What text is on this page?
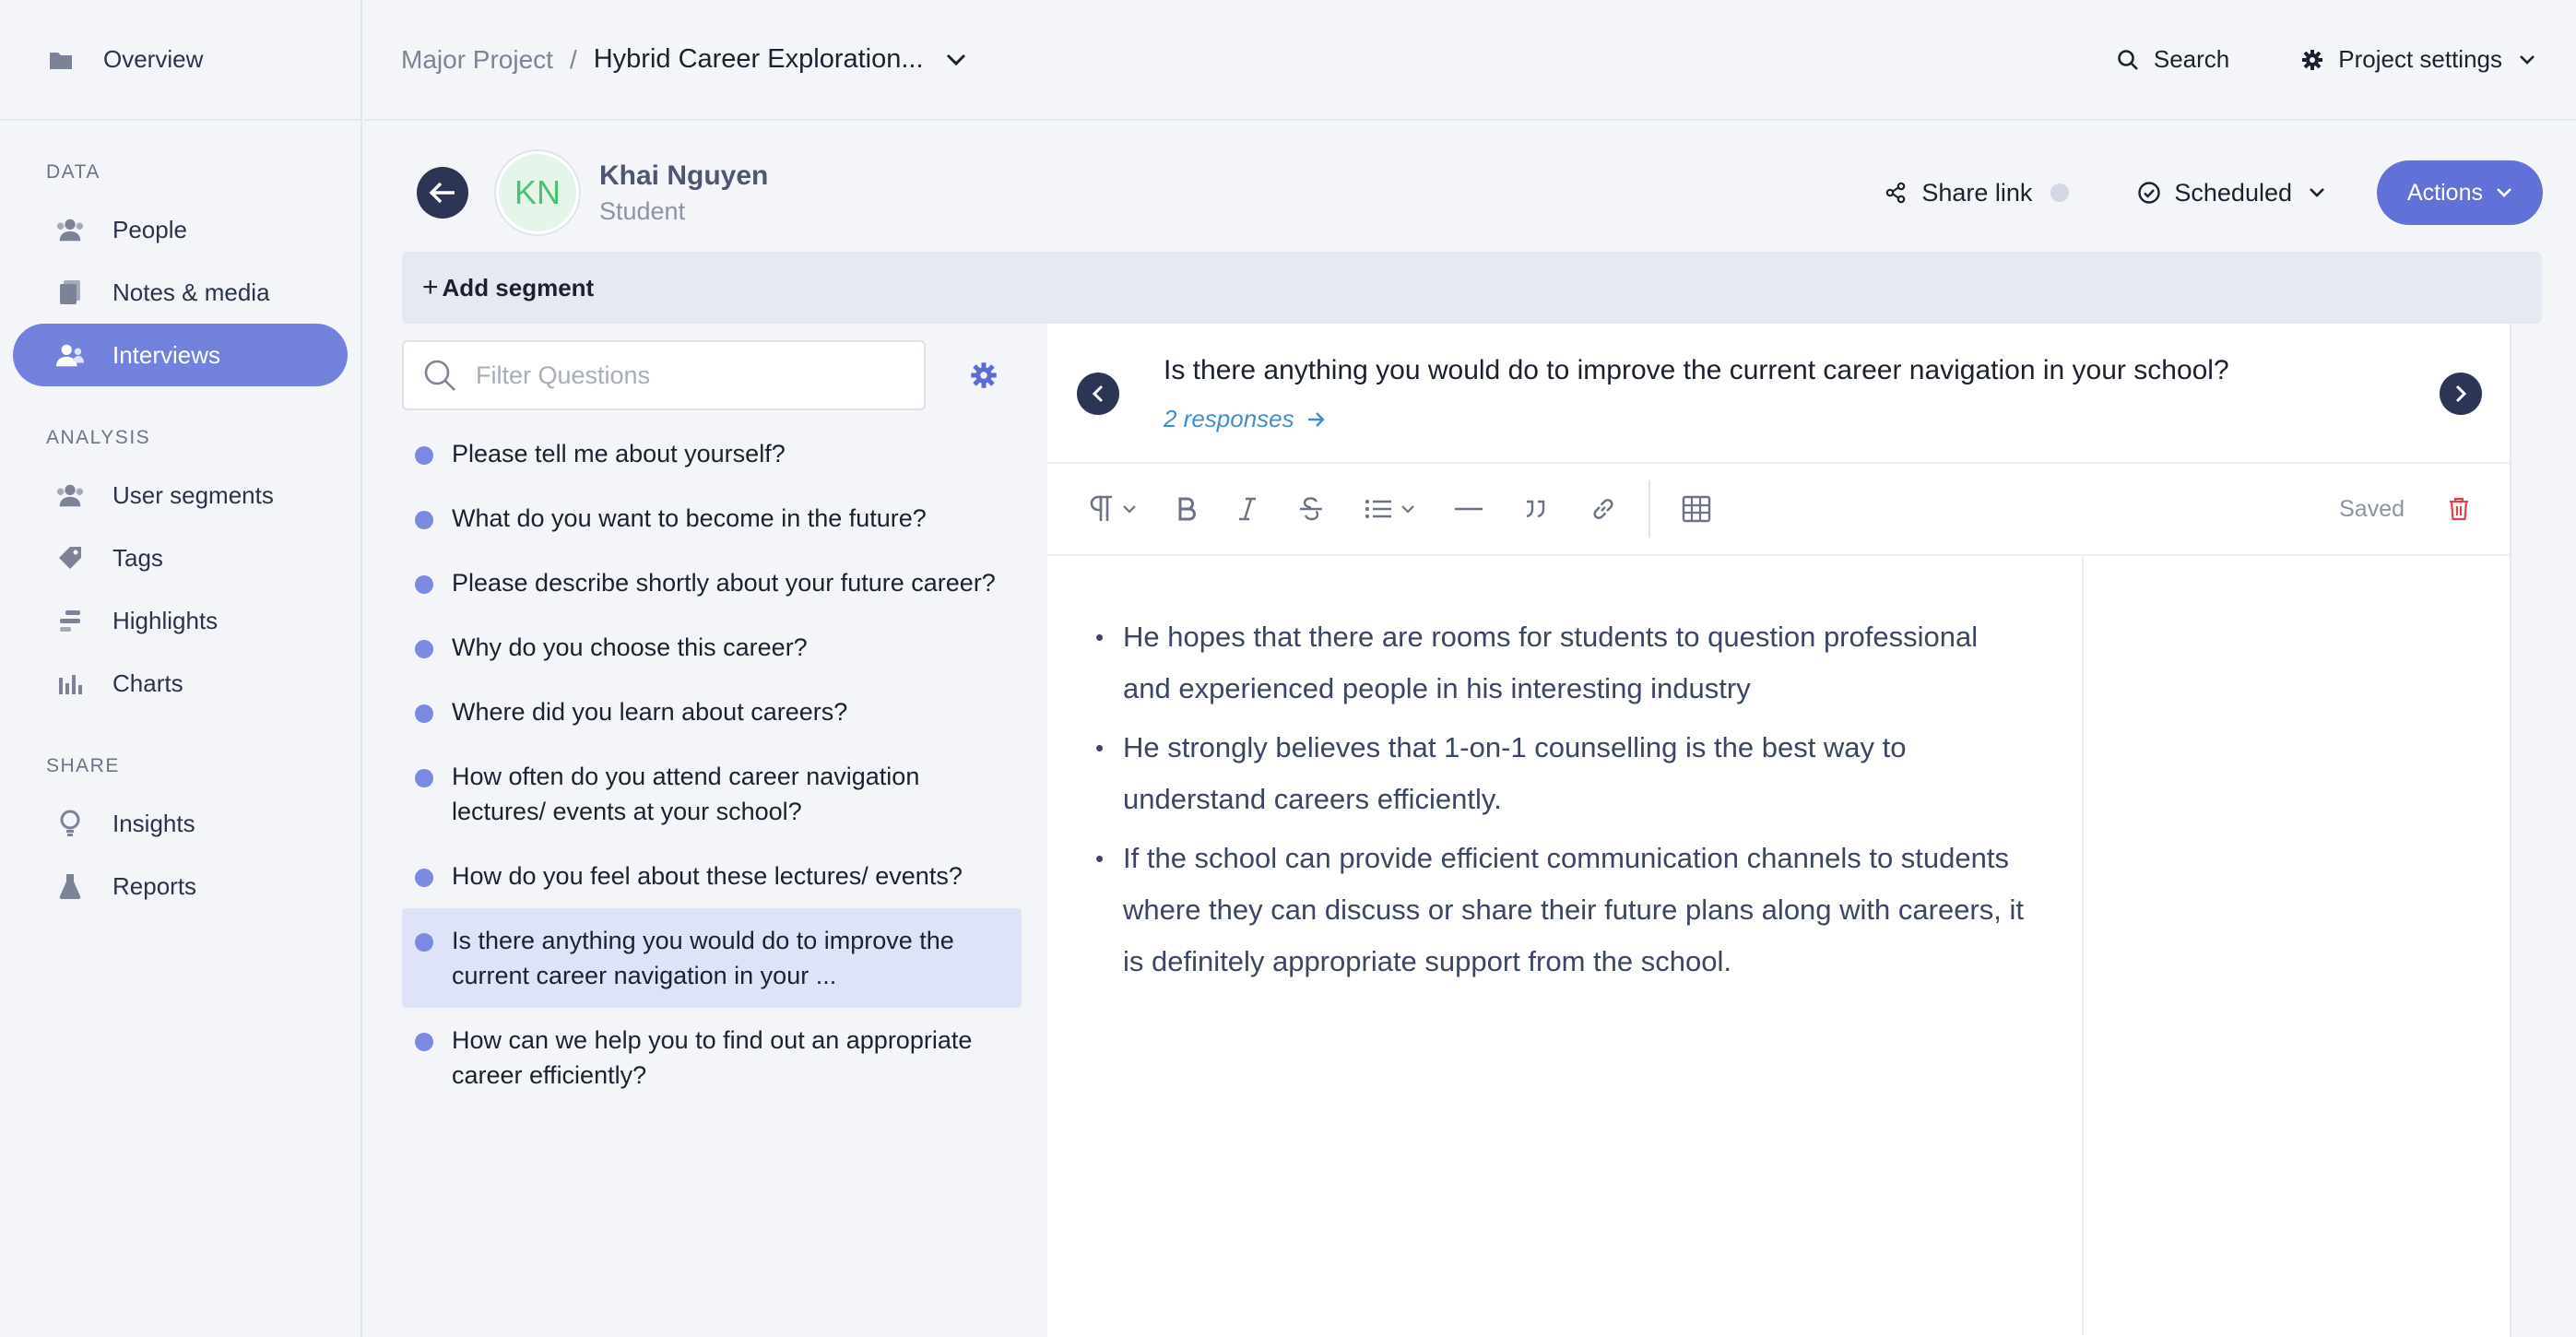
Overview
DATA
People
Notes & media
Interviews
ANALYSIS
User segments
Tags
Highlights
Charts
SHARE
Insights
Reports
Major Project / Hybrid Career Exploration...	Search	Project settings
KN	Khai Nguyen
Student
Share link	Scheduled	Actions
+ Add segment
Filter Questions
Please tell me about yourself?
What do you want to become in the future?
Please describe shortly about your future career?
Why do you choose this career?
Where did you learn about careers?
How often do you attend career navigation lectures/ events at your school?
How do you feel about these lectures/ events?
Is there anything you would do to improve the current career navigation in your ...
How can we help you to find out an appropriate career efficiently?
Is there anything you would do to improve the current career navigation in your school?
2 responses
Saved
• He hopes that there are rooms for students to question professional and experienced people in his interesting industry
• He strongly believes that 1-on-1 counselling is the best way to understand careers efficiently.
• If the school can provide efficient communication channels to students where they can discuss or share their future plans along with careers, it is definitely appropriate support from the school.
